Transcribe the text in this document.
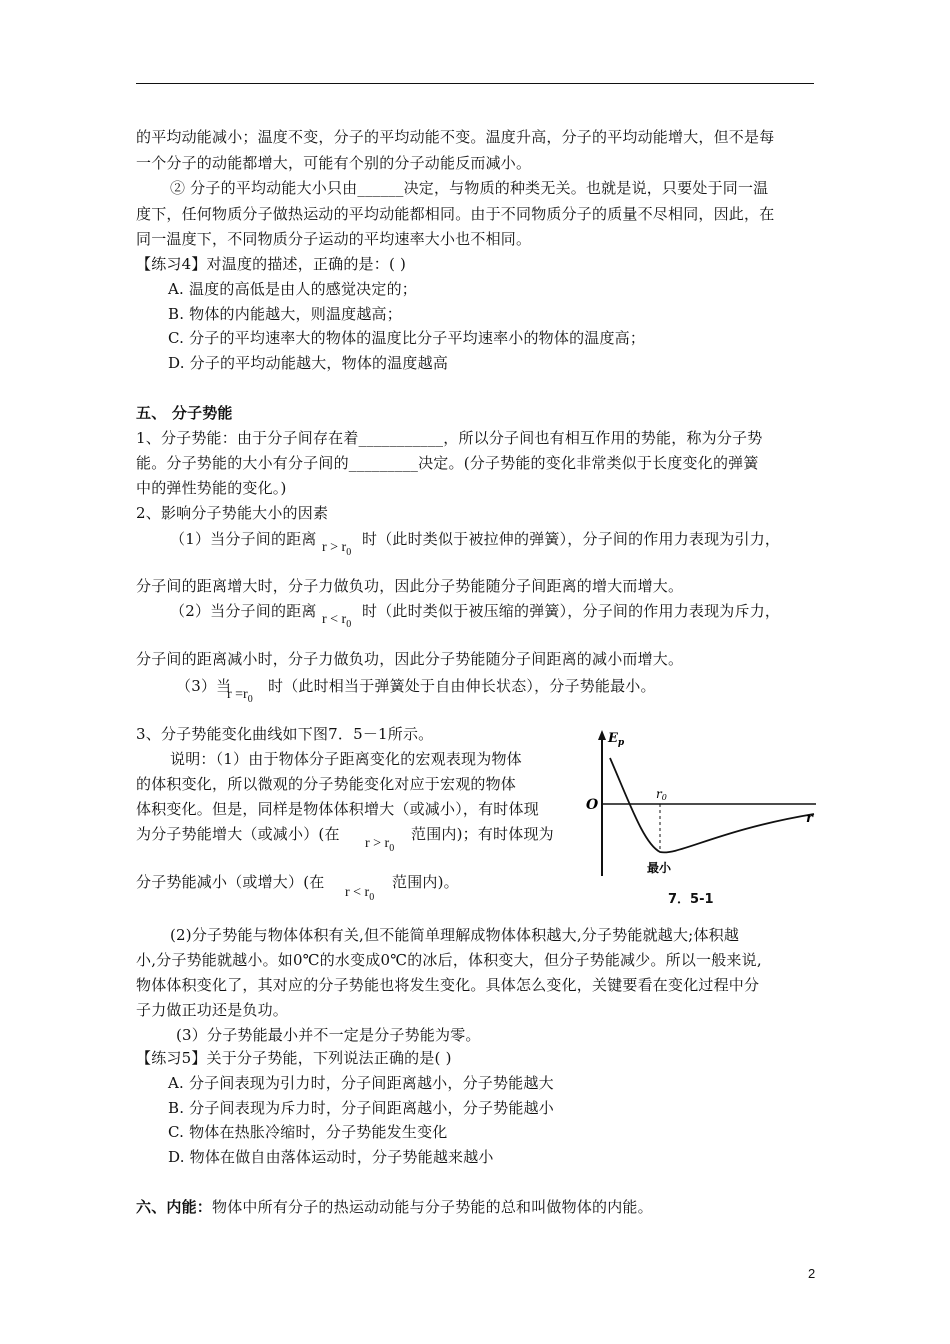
的平均动能减小；温度不变，分子的平均动能不变。温度升高，分子的平均动能增大，但不是每
一个分子的动能都增大，可能有个别的分子动能反而减小。
② 分子的平均动能大小只由______决定，与物质的种类无关。也就是说，只要处于同一温
度下，任何物质分子做热运动的平均动能都相同。由于不同物质分子的质量不尽相同，因此，在
同一温度下，不同物质分子运动的平均速率大小也不相同。
【练习4】对温度的描述，正确的是：( )
A. 温度的高低是由人的感觉决定的；
B. 物体的内能越大，则温度越高；
C. 分子的平均速率大的物体的温度比分子平均速率小的物体的温度高；
D. 分子的平均动能越大，物体的温度越高
五、 分子势能
1、分子势能：由于分子间存在着___________，所以分子间也有相互作用的势能，称为分子势
能。分子势能的大小有分子间的_________决定。(分子势能的变化非常类似于长度变化的弹簧
中的弹性势能的变化。)
2、影响分子势能大小的因素
（1）当分子间的距离 $r > r_0$
时（此时类似于被拉伸的弹簧），分子间的作用力表现为引力，
分子间的距离增大时，分子力做负功，因此分子势能随分子间距离的增大而增大。
（2）当分子间的距离 $r < r_0$
时（此时类似于被压缩的弹簧），分子间的作用力表现为斥力，
分子间的距离减小时，分子力做负功，因此分子势能随分子间距离的减小而增大。
（3）当
$r =r_0$
时（此时相当于弹簧处于自由伸长状态），分子势能最小。
3、分子势能变化曲线如下图7．5－1所示。
说明：（1）由于物体分子距离变化的宏观表现为物体
的体积变化，所以微观的分子势能变化对应于宏观的物体
体积变化。但是，同样是物体体积增大（或减小），有时体现
为分子势能增大（或减小）(在
$r > r_0$
范围内)；有时体现为
分子势能减小（或增大）(在
$r < r_0$
范围内)。
$E_p$
O
r0
r
最小
7．5-1
(2)分子势能与物体体积有关,但不能简单理解成物体体积越大,分子势能就越大;体积越
小,分子势能就越小。如0℃的水变成0℃的冰后，体积变大，但分子势能减少。所以一般来说,
物体体积变化了，其对应的分子势能也将发生变化。具体怎么变化，关键要看在变化过程中分
子力做正功还是负功。
(3）分子势能最小并不一定是分子势能为零。
【练习5】关于分子势能，下列说法正确的是( )
A. 分子间表现为引力时，分子间距离越小，分子势能越大
B. 分子间表现为斥力时，分子间距离越小，分子势能越小
C. 物体在热胀冷缩时，分子势能发生变化
D. 物体在做自由落体运动时，分子势能越来越小
六、内能：物体中所有分子的热运动动能与分子势能的总和叫做物体的内能。
2
